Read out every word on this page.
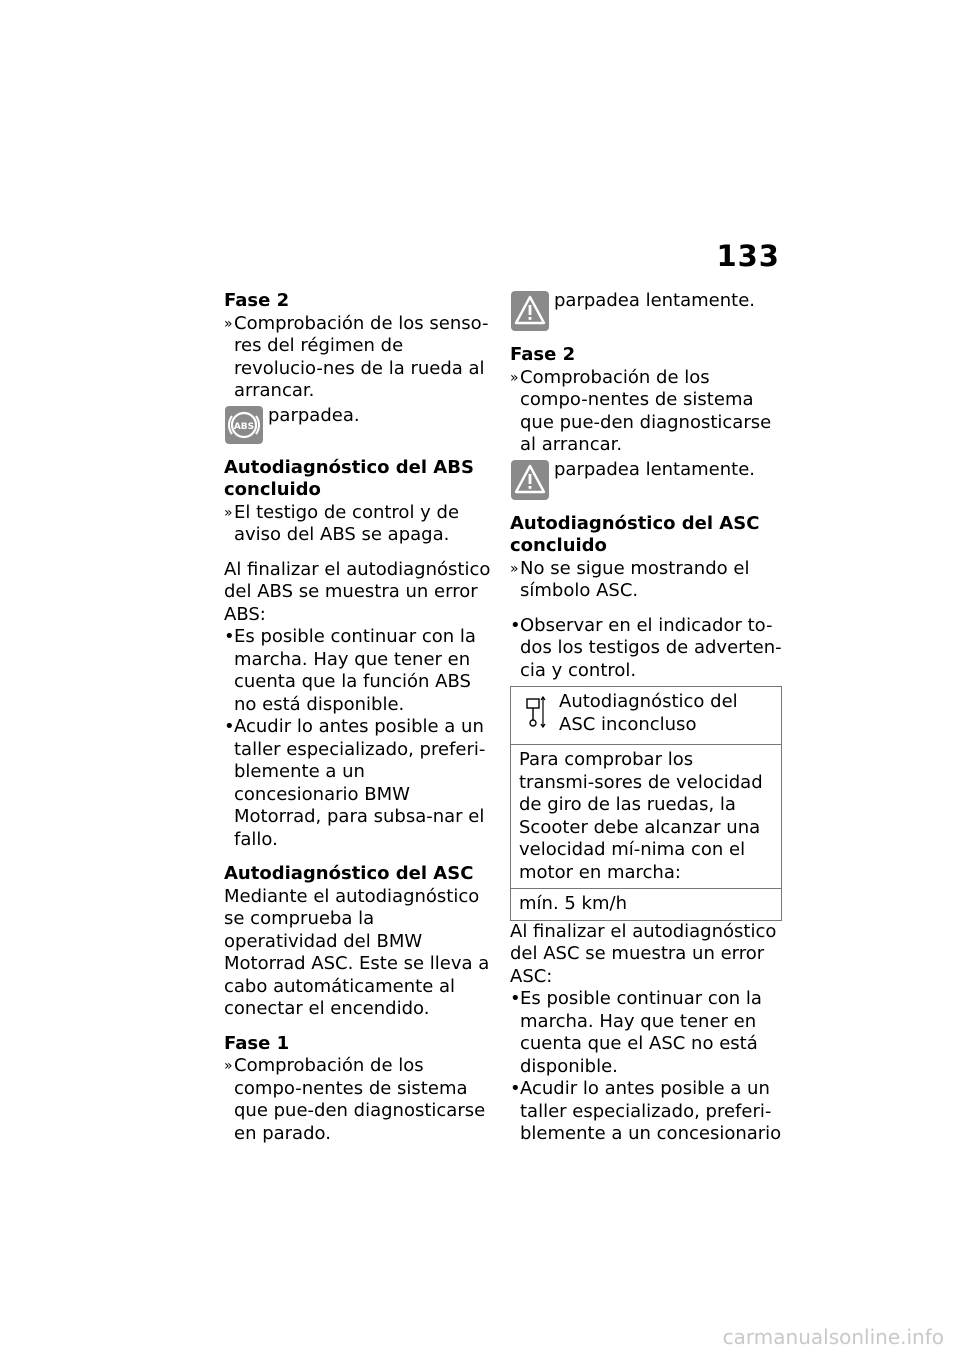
133
Fase 2
» Comprobación de los senso-res del régimen de revolucio-nes de la rueda al arrancar.
ABS
parpadea.
Autodiagnóstico del ABS concluido
» El testigo de control y de aviso del ABS se apaga.
Al finalizar el autodiagnóstico del ABS se muestra un error ABS:
• Es posible continuar con la marcha. Hay que tener en cuenta que la función ABS no está disponible.
• Acudir lo antes posible a un taller especializado, preferi-blemente a un concesionario BMW Motorrad, para subsa-nar el fallo.
Autodiagnóstico del ASC
Mediante el autodiagnóstico se comprueba la operatividad del BMW Motorrad ASC. Este se lleva a cabo automáticamente al conectar el encendido.
Fase 1
» Comprobación de los compo-nentes de sistema que pue-den diagnosticarse en parado.
parpadea lentamente.
Fase 2
» Comprobación de los compo-nentes de sistema que pue-den diagnosticarse al arrancar.
parpadea lentamente.
Autodiagnóstico del ASC concluido
» No se sigue mostrando el símbolo ASC.
• Observar en el indicador to-dos los testigos de adverten-cia y control.
Autodiagnóstico del ASC inconcluso
Para comprobar los transmi-sores de velocidad de giro de las ruedas, la Scooter debe alcanzar una velocidad mí-nima con el motor en marcha:
mín. 5 km/h
Al finalizar el autodiagnóstico del ASC se muestra un error ASC:
• Es posible continuar con la marcha. Hay que tener en cuenta que el ASC no está disponible.
• Acudir lo antes posible a un taller especializado, preferi-blemente a un concesionario
carmanualsonline.info
